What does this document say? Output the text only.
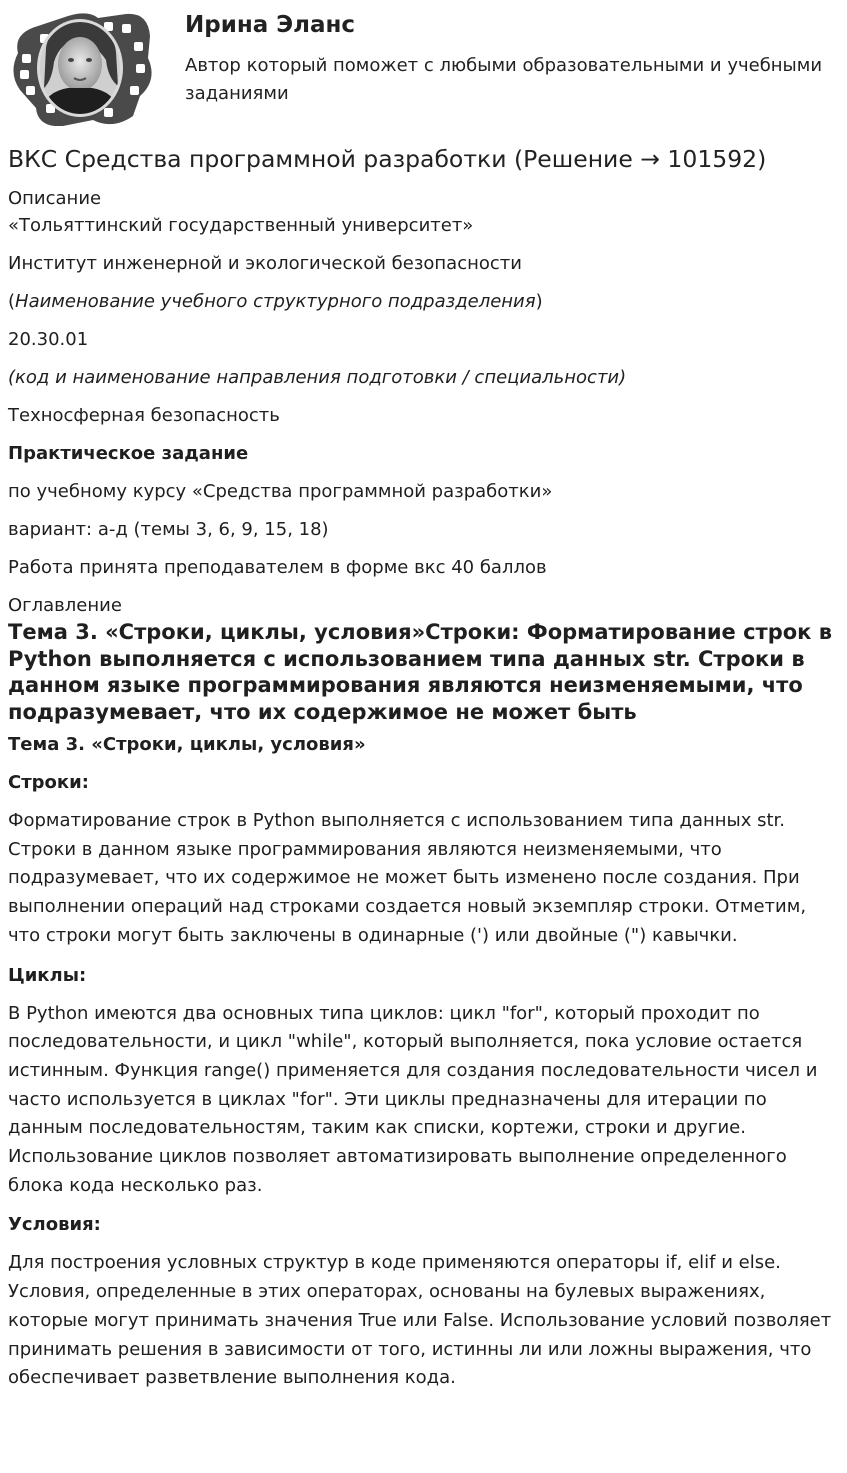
Ирина Эланс
Автор который поможет с любыми образовательными и учебными заданиями
ВКС Средства программной разработки (Решение → 101592)

Описание

«Тольяттинский государственный университет»

Институт инженерной и экологической безопасности

(Наименование учебного структурного подразделения)

20.30.01

(код и наименование направления подготовки / специальности)

Техносферная безопасность

Практическое задание

по учебному курсу «Средства программной разработки»

вариант: а-д (темы 3, 6, 9, 15, 18)

Работа принята преподавателем в форме вкс 40 баллов

Оглавление

Тема 3. «Строки, циклы, условия»Строки: Форматирование строк в Python выполняется с использованием типа данных str. Строки в данном языке программирования являются неизменяемыми, что подразумевает, что их содержимое не может быть

Тема 3. «Строки, циклы, условия»

Строки:

Форматирование строк в Python выполняется с использованием типа данных str. Строки в данном языке программирования являются неизменяемыми, что подразумевает, что их содержимое не может быть изменено после создания. При выполнении операций над строками создается новый экземпляр строки. Отметим, что строки могут быть заключены в одинарные (') или двойные (") кавычки.

Циклы:

В Python имеются два основных типа циклов: цикл "for", который проходит по последовательности, и цикл "while", который выполняется, пока условие остается истинным. Функция range() применяется для создания последовательности чисел и часто используется в циклах "for". Эти циклы предназначены для итерации по данным последовательностям, таким как списки, кортежи, строки и другие. Использование циклов позволяет автоматизировать выполнение определенного блока кода несколько раз.

Условия:

Для построения условных структур в коде применяются операторы if, elif и else. Условия, определенные в этих операторах, основаны на булевых выражениях, которые могут принимать значения True или False. Использование условий позволяет принимать решения в зависимости от того, истинны ли или ложны выражения, что обеспечивает разветвление выполнения кода.
